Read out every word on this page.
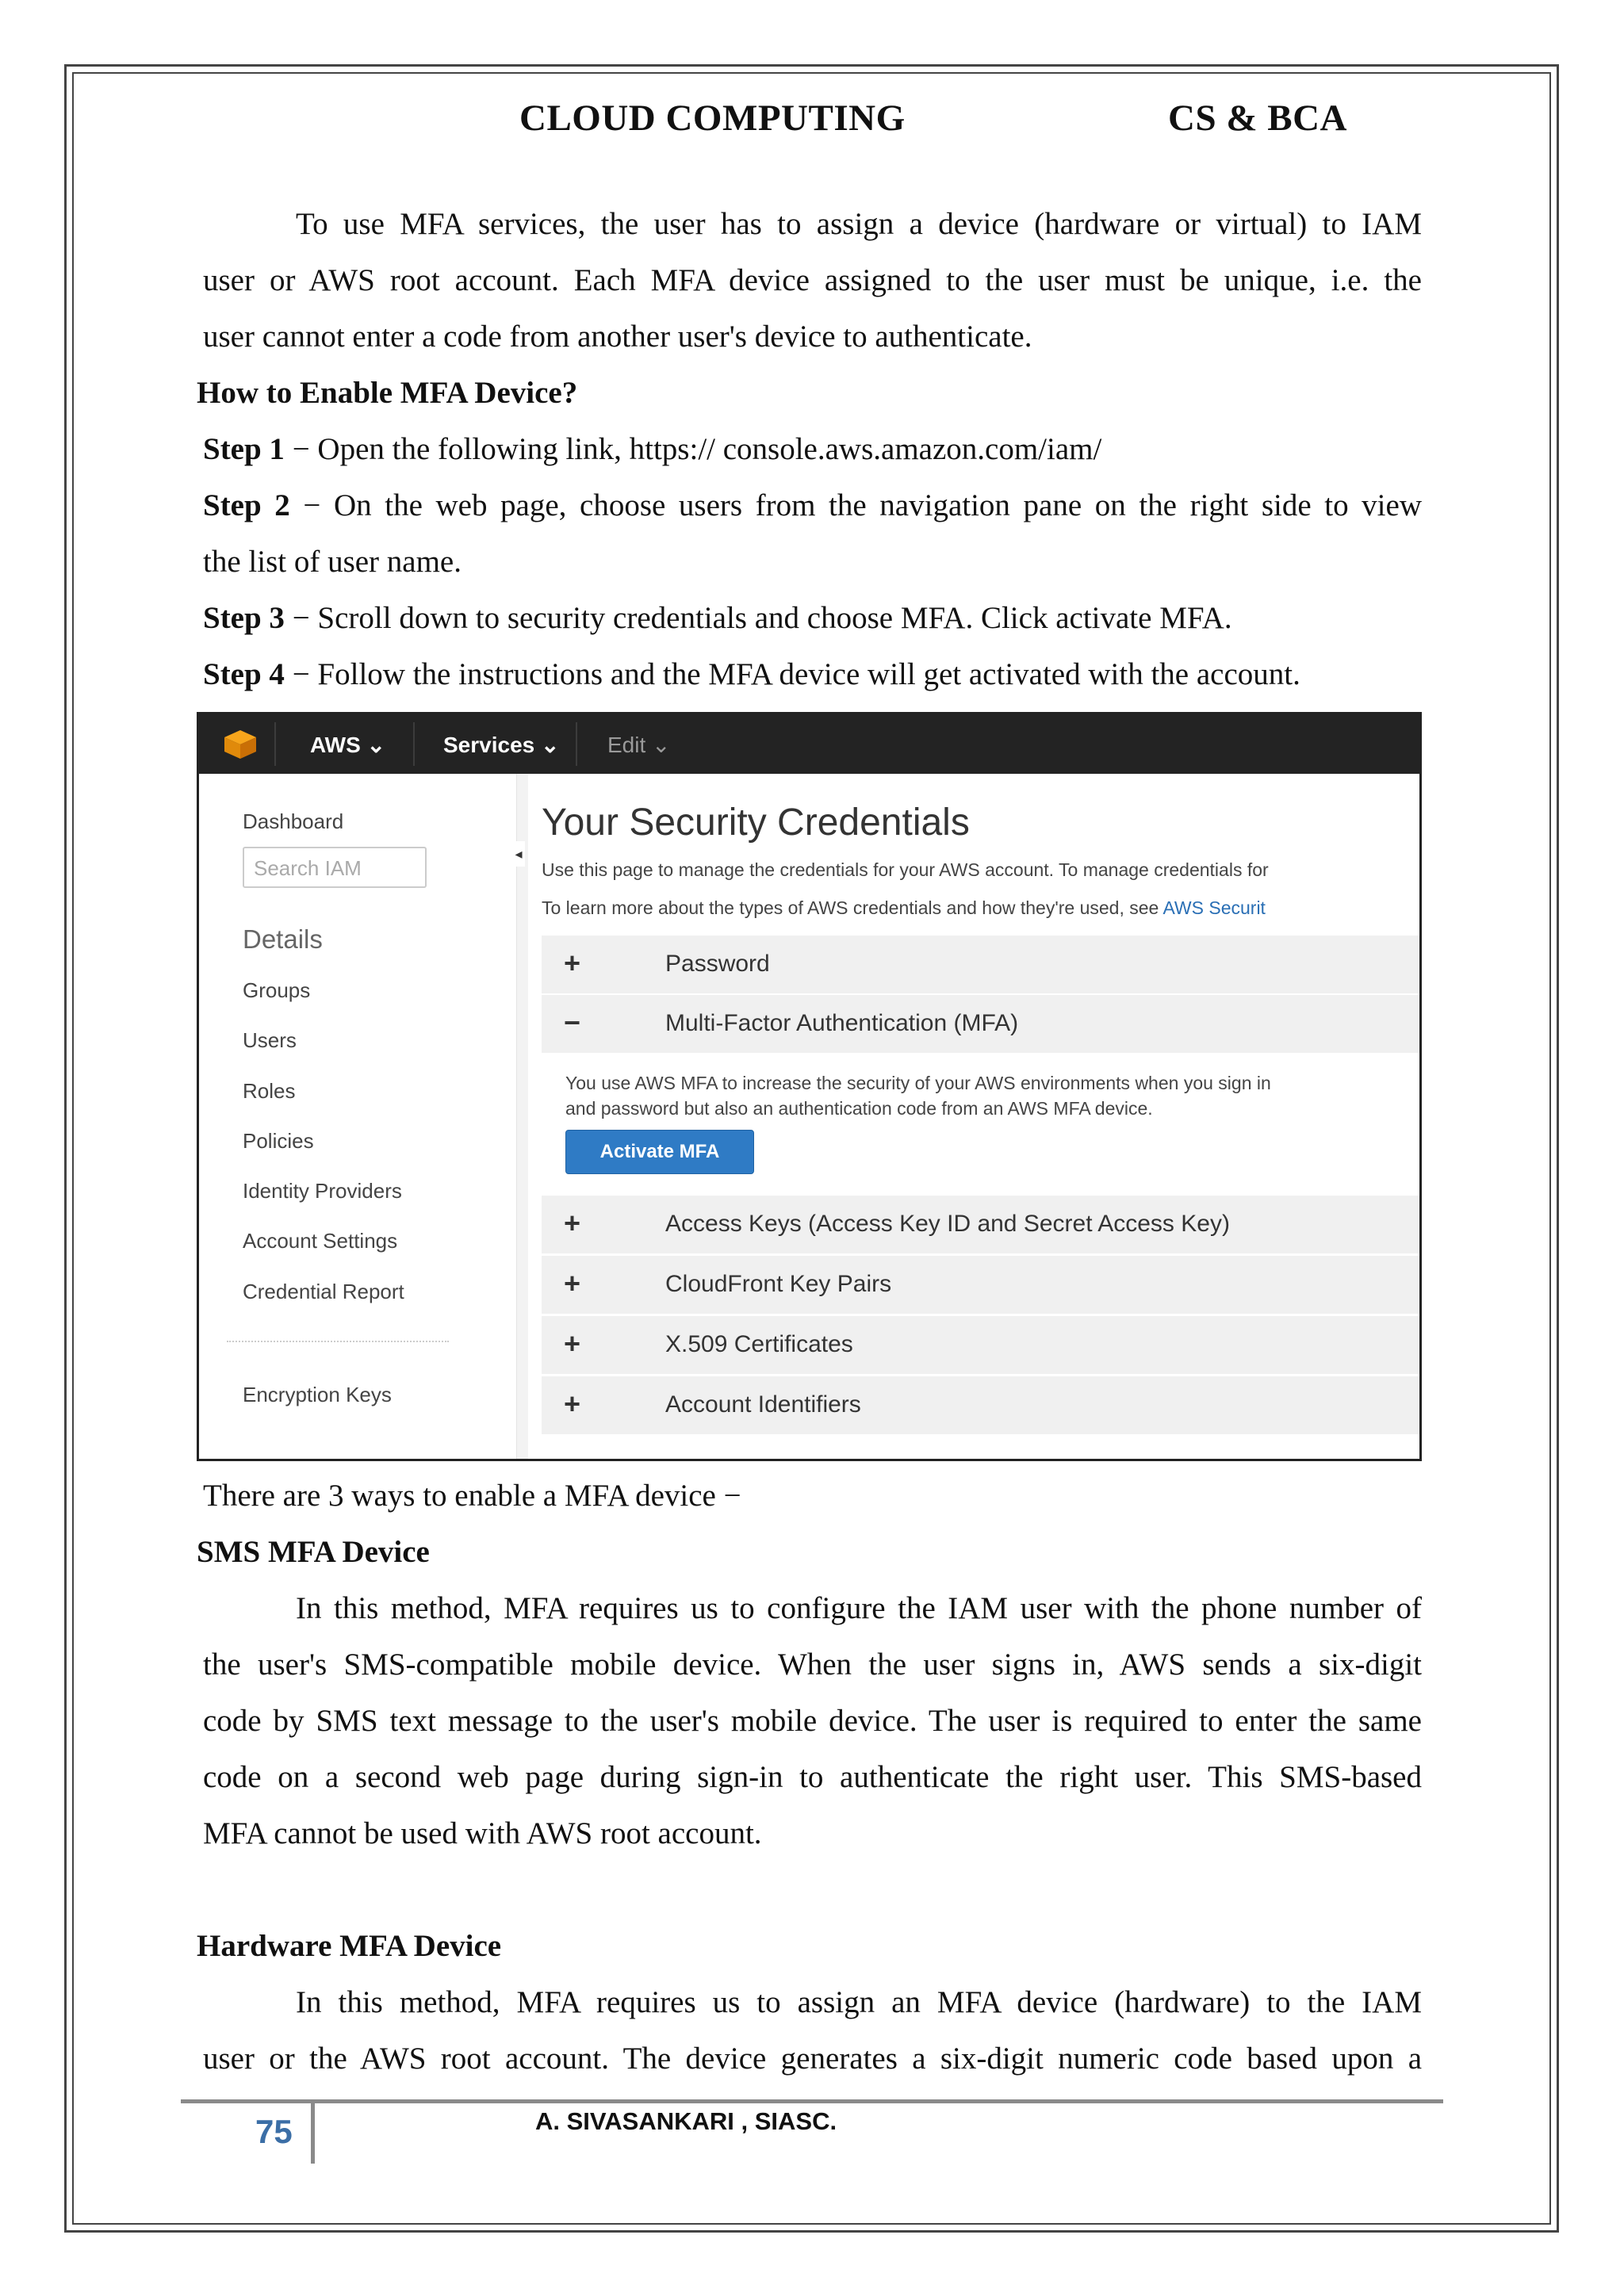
CLOUD COMPUTING	CS & BCA
To use MFA services, the user has to assign a device (hardware or virtual) to IAM
user or AWS root account. Each MFA device assigned to the user must be unique, i.e. the
user cannot enter a code from another user's device to authenticate.
How to Enable MFA Device?
Step 1 − Open the following link, https:// console.aws.amazon.com/iam/
Step 2 − On the web page, choose users from the navigation pane on the right side to view
the list of user name.
Step 3 − Scroll down to security credentials and choose MFA. Click activate MFA.
Step 4 − Follow the instructions and the MFA device will get activated with the account.
AWS ⌄	Services ⌄ Edit ⌄
Dashboard
Search IAM
Details
Groups
Users
Roles
Policies
Identity Providers
Account Settings
Credential Report
Encryption Keys
◂
Your Security Credentials
Use this page to manage the credentials for your AWS account. To manage credentials for
To learn more about the types of AWS credentials and how they're used, see AWS Securit
+	Password
−	Multi-Factor Authentication (MFA)
You use AWS MFA to increase the security of your AWS environments when you sign in
and password but also an authentication code from an AWS MFA device.
Activate MFA
+	Access Keys (Access Key ID and Secret Access Key)
+	CloudFront Key Pairs
+	X.509 Certificates
+	Account Identifiers
There are 3 ways to enable a MFA device −
SMS MFA Device
In this method, MFA requires us to configure the IAM user with the phone number of
the user's SMS-compatible mobile device. When the user signs in, AWS sends a six-digit
code by SMS text message to the user's mobile device. The user is required to enter the same
code on a second web page during sign-in to authenticate the right user. This SMS-based
MFA cannot be used with AWS root account.
Hardware MFA Device
In this method, MFA requires us to assign an MFA device (hardware) to the IAM
user or the AWS root account. The device generates a six-digit numeric code based upon a
75	A. SIVASANKARI , SIASC.
